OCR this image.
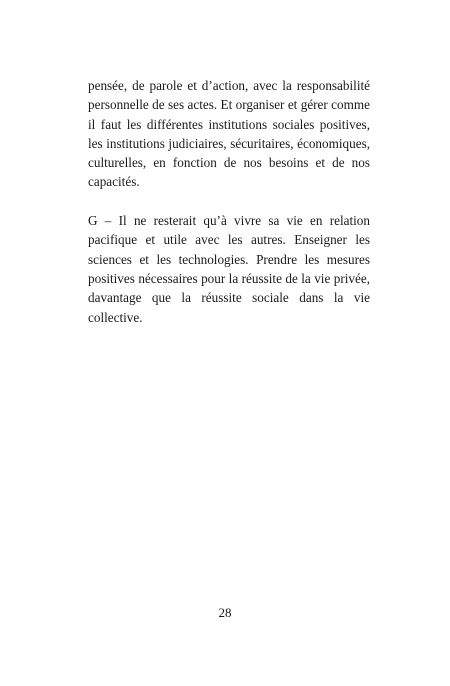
pensée, de parole et d’action, avec la responsabilité personnelle de ses actes. Et organiser et gérer comme il faut les différentes institutions sociales positives, les institutions judiciaires, sécuritaires, économiques, culturelles, en fonction de nos besoins et de nos capacités.

G – Il ne resterait qu’à vivre sa vie en relation pacifique et utile avec les autres. Enseigner les sciences et les technologies. Prendre les mesures positives nécessaires pour la réussite de la vie privée, davantage que la réussite sociale dans la vie collective.

28
